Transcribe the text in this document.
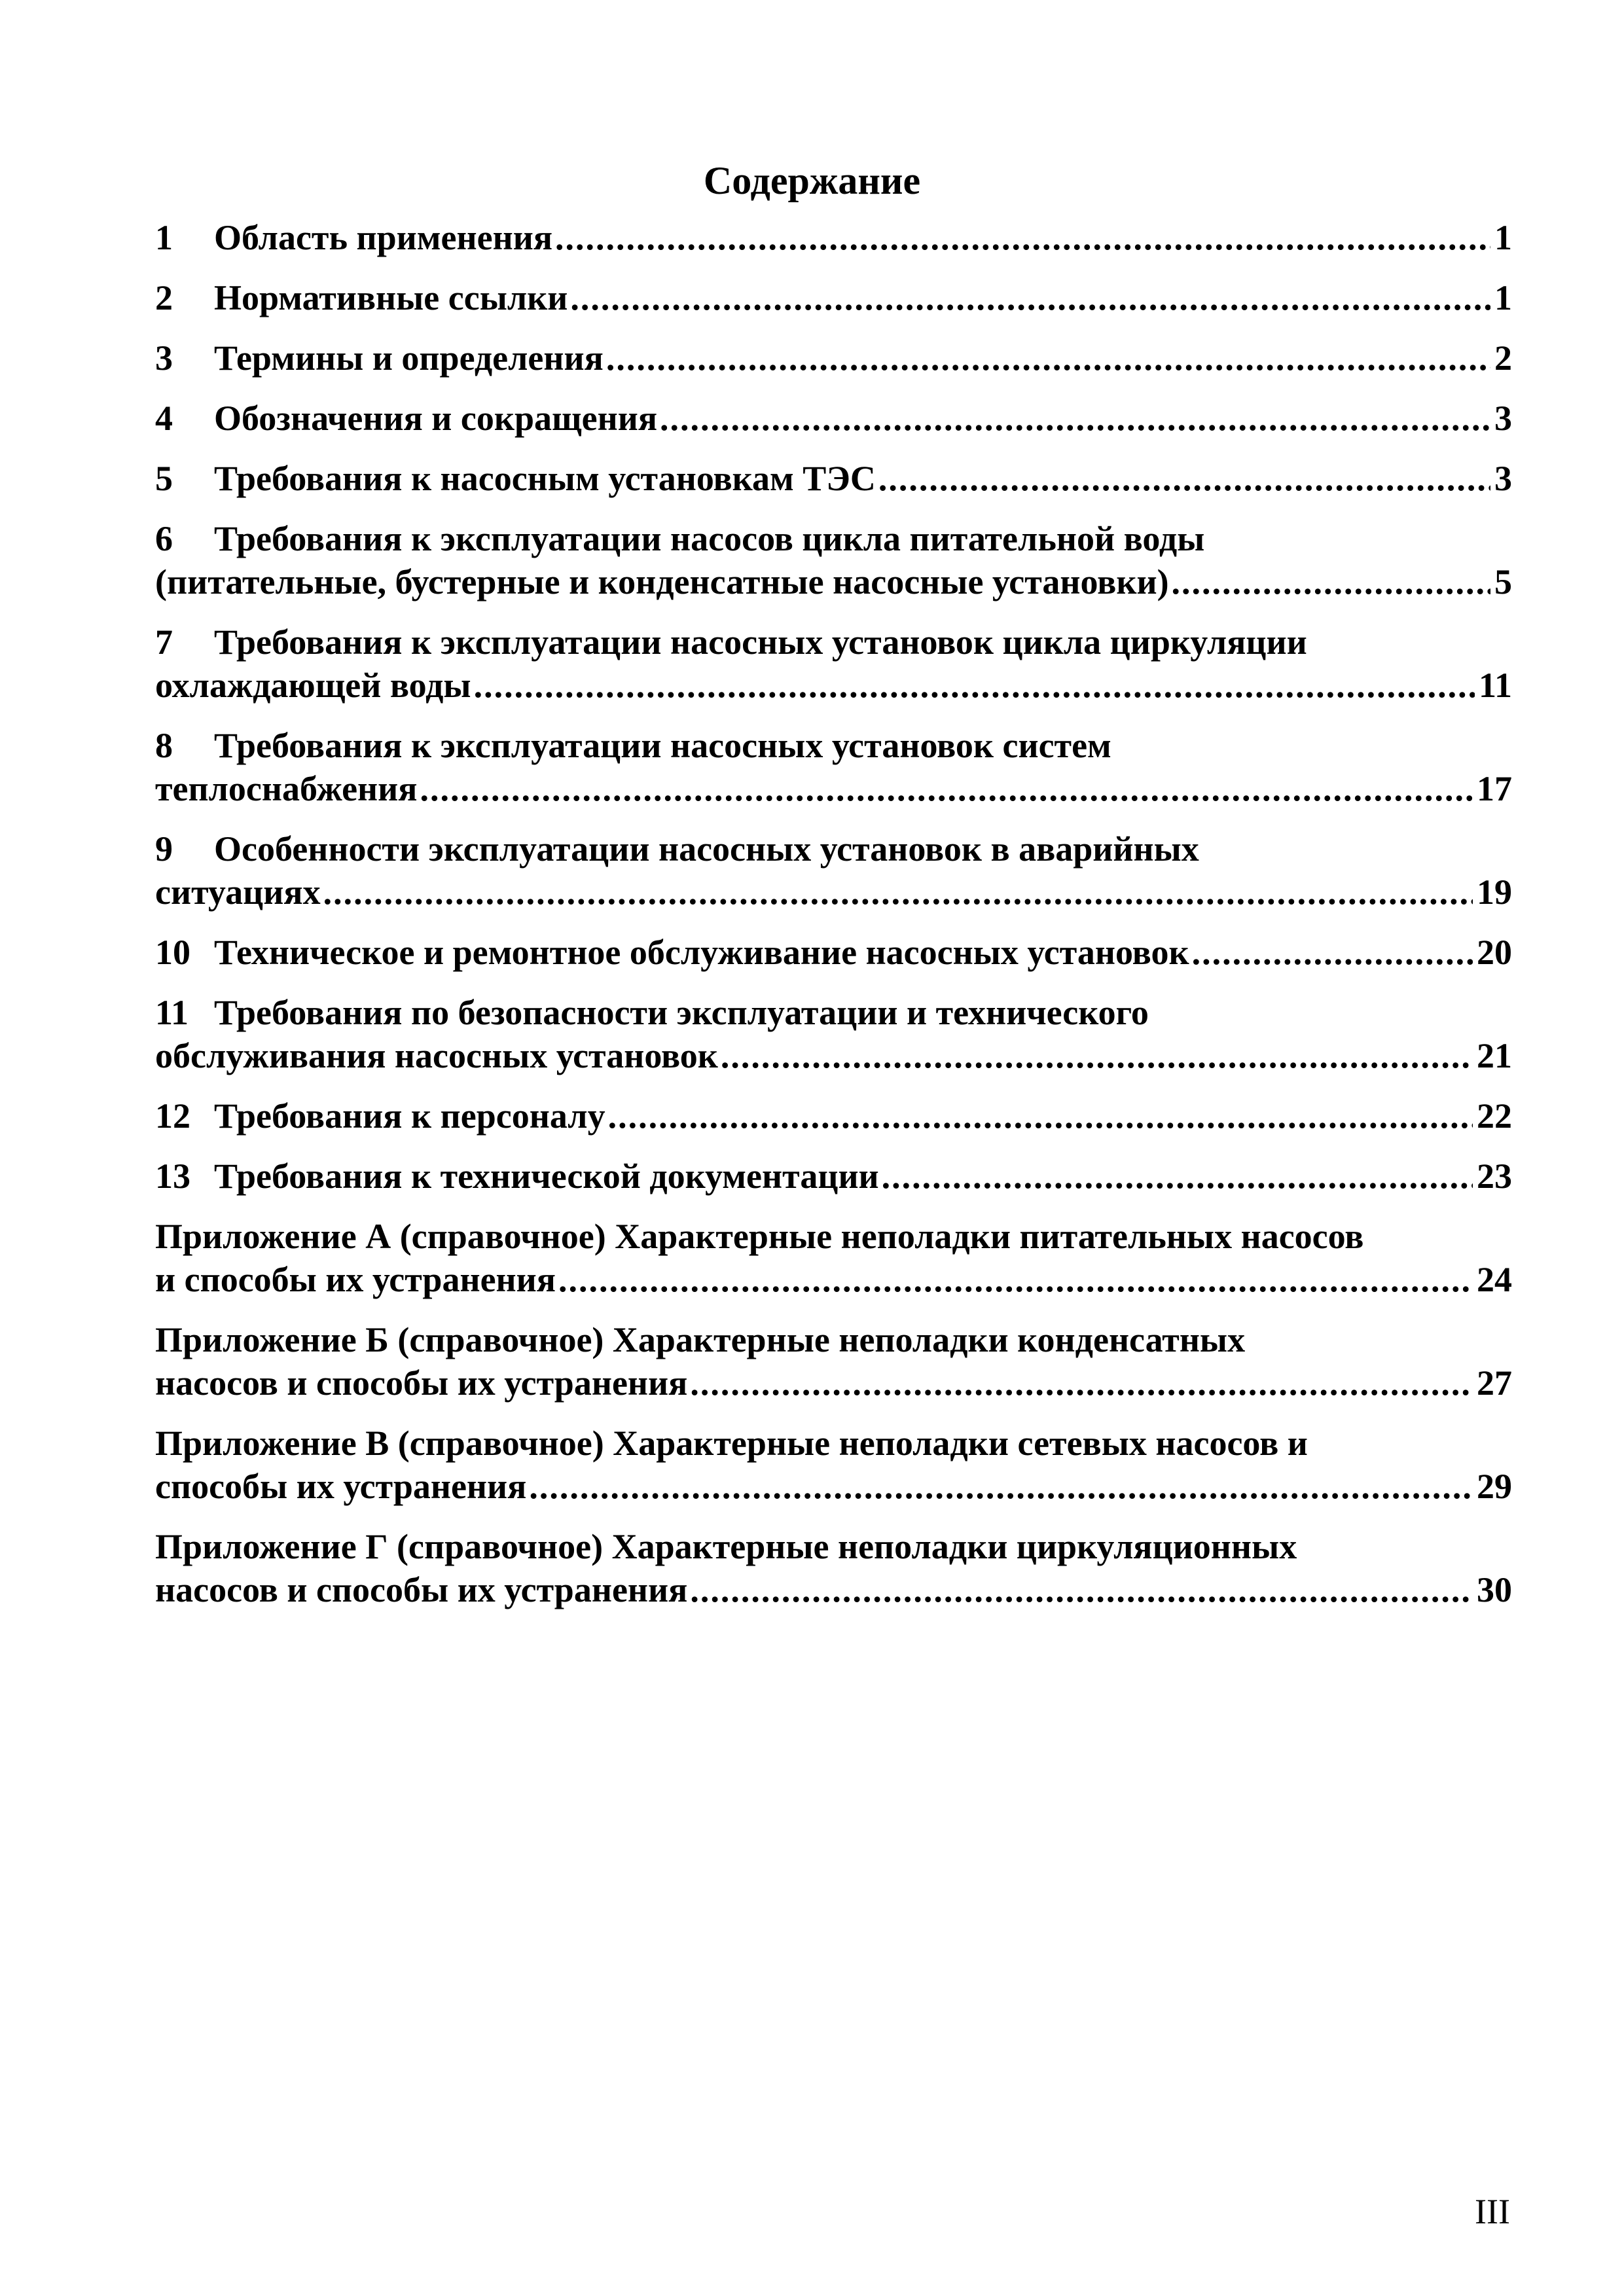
Содержание
1	Область применения .....	1
2	Нормативные ссылки .....	1
3	Термины и определения .....	2
4	Обозначения и сокращения .....	3
5	Требования к насосным установкам ТЭС .....	3
6	Требования к эксплуатации насосов цикла питательной воды
(питательные, бустерные и конденсатные насосные установки) .....	5
7	Требования к эксплуатации насосных установок цикла циркуляции
охлаждающей воды .....	11
8	Требования к эксплуатации насосных установок систем
теплоснабжения .....	17
9	Особенности эксплуатации насосных установок в аварийных
ситуациях .....	19
10 Техническое и ремонтное обслуживание насосных установок .....	20
11 Требования по безопасности эксплуатации и технического
обслуживания насосных установок .....	21
12 Требования к персоналу .....	22
13 Требования к технической документации .....	23
Приложение А (справочное) Характерные неполадки питательных насосов
и способы их устранения .....	24
Приложение Б (справочное) Характерные неполадки конденсатных
насосов и способы их устранения .....	27
Приложение В (справочное) Характерные неполадки сетевых насосов и
способы их устранения .....	29
Приложение Г (справочное) Характерные неполадки циркуляционных
насосов и способы их устранения .....	30
III
